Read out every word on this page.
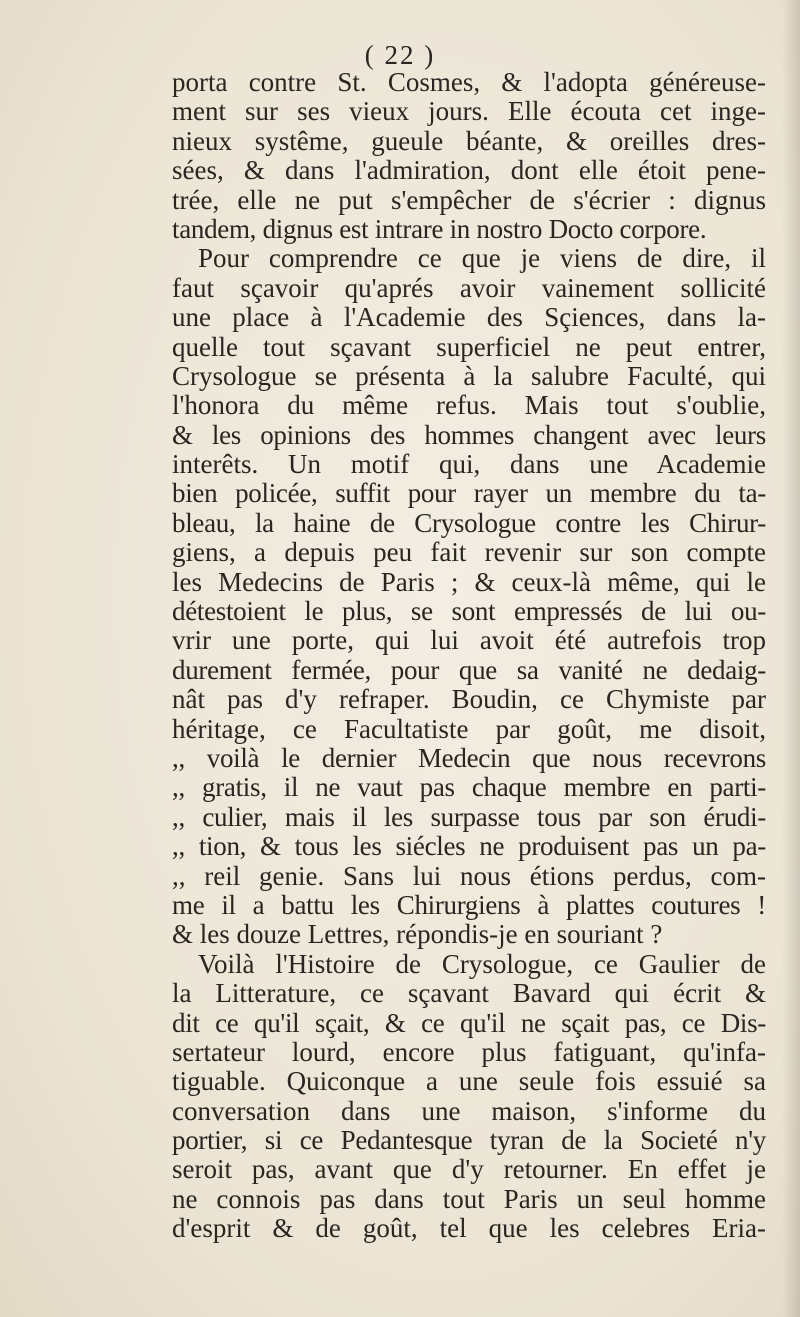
( 22 )
porta contre St. Cosmes, & l'adopta généreuse-
ment sur ses vieux jours. Elle écouta cet inge-
nieux systême, gueule béante, & oreilles dres-
sées, & dans l'admiration, dont elle étoit pene-
trée, elle ne put s'empêcher de s'écrier : dignus
tandem, dignus est intrare in nostro Docto corpore.
Pour comprendre ce que je viens de dire, il
faut sçavoir qu'aprés avoir vainement sollicité
une place à l'Academie des Sçiences, dans la-
quelle tout sçavant superficiel ne peut entrer,
Crysologue se présenta à la salubre Faculté, qui
l'honora du même refus. Mais tout s'oublie,
& les opinions des hommes changent avec leurs
interêts. Un motif qui, dans une Academie
bien policée, suffit pour rayer un membre du ta-
bleau, la haine de Crysologue contre les Chirur-
giens, a depuis peu fait revenir sur son compte
les Medecins de Paris ; & ceux-là même, qui le
détestoient le plus, se sont empressés de lui ou-
vrir une porte, qui lui avoit été autrefois trop
durement fermée, pour que sa vanité ne dedaig-
nât pas d'y refraper. Boudin, ce Chymiste par
héritage, ce Facultatiste par goût, me disoit,
,, voilà le dernier Medecin que nous recevrons
,, gratis, il ne vaut pas chaque membre en parti-
,, culier, mais il les surpasse tous par son érudi-
,, tion, & tous les siécles ne produisent pas un pa-
,, reil genie. Sans lui nous étions perdus, com-
me il a battu les Chirurgiens à plattes coutures !
& les douze Lettres, répondis-je en souriant ?
Voilà l'Histoire de Crysologue, ce Gaulier de
la Litterature, ce sçavant Bavard qui écrit &
dit ce qu'il sçait, & ce qu'il ne sçait pas, ce Dis-
sertateur lourd, encore plus fatiguant, qu'infa-
tiguable. Quiconque a une seule fois essuié sa
conversation dans une maison, s'informe du
portier, si ce Pedantesque tyran de la Societé n'y
seroit pas, avant que d'y retourner. En effet je
ne connois pas dans tout Paris un seul homme
d'esprit & de goût, tel que les celebres Eria-
